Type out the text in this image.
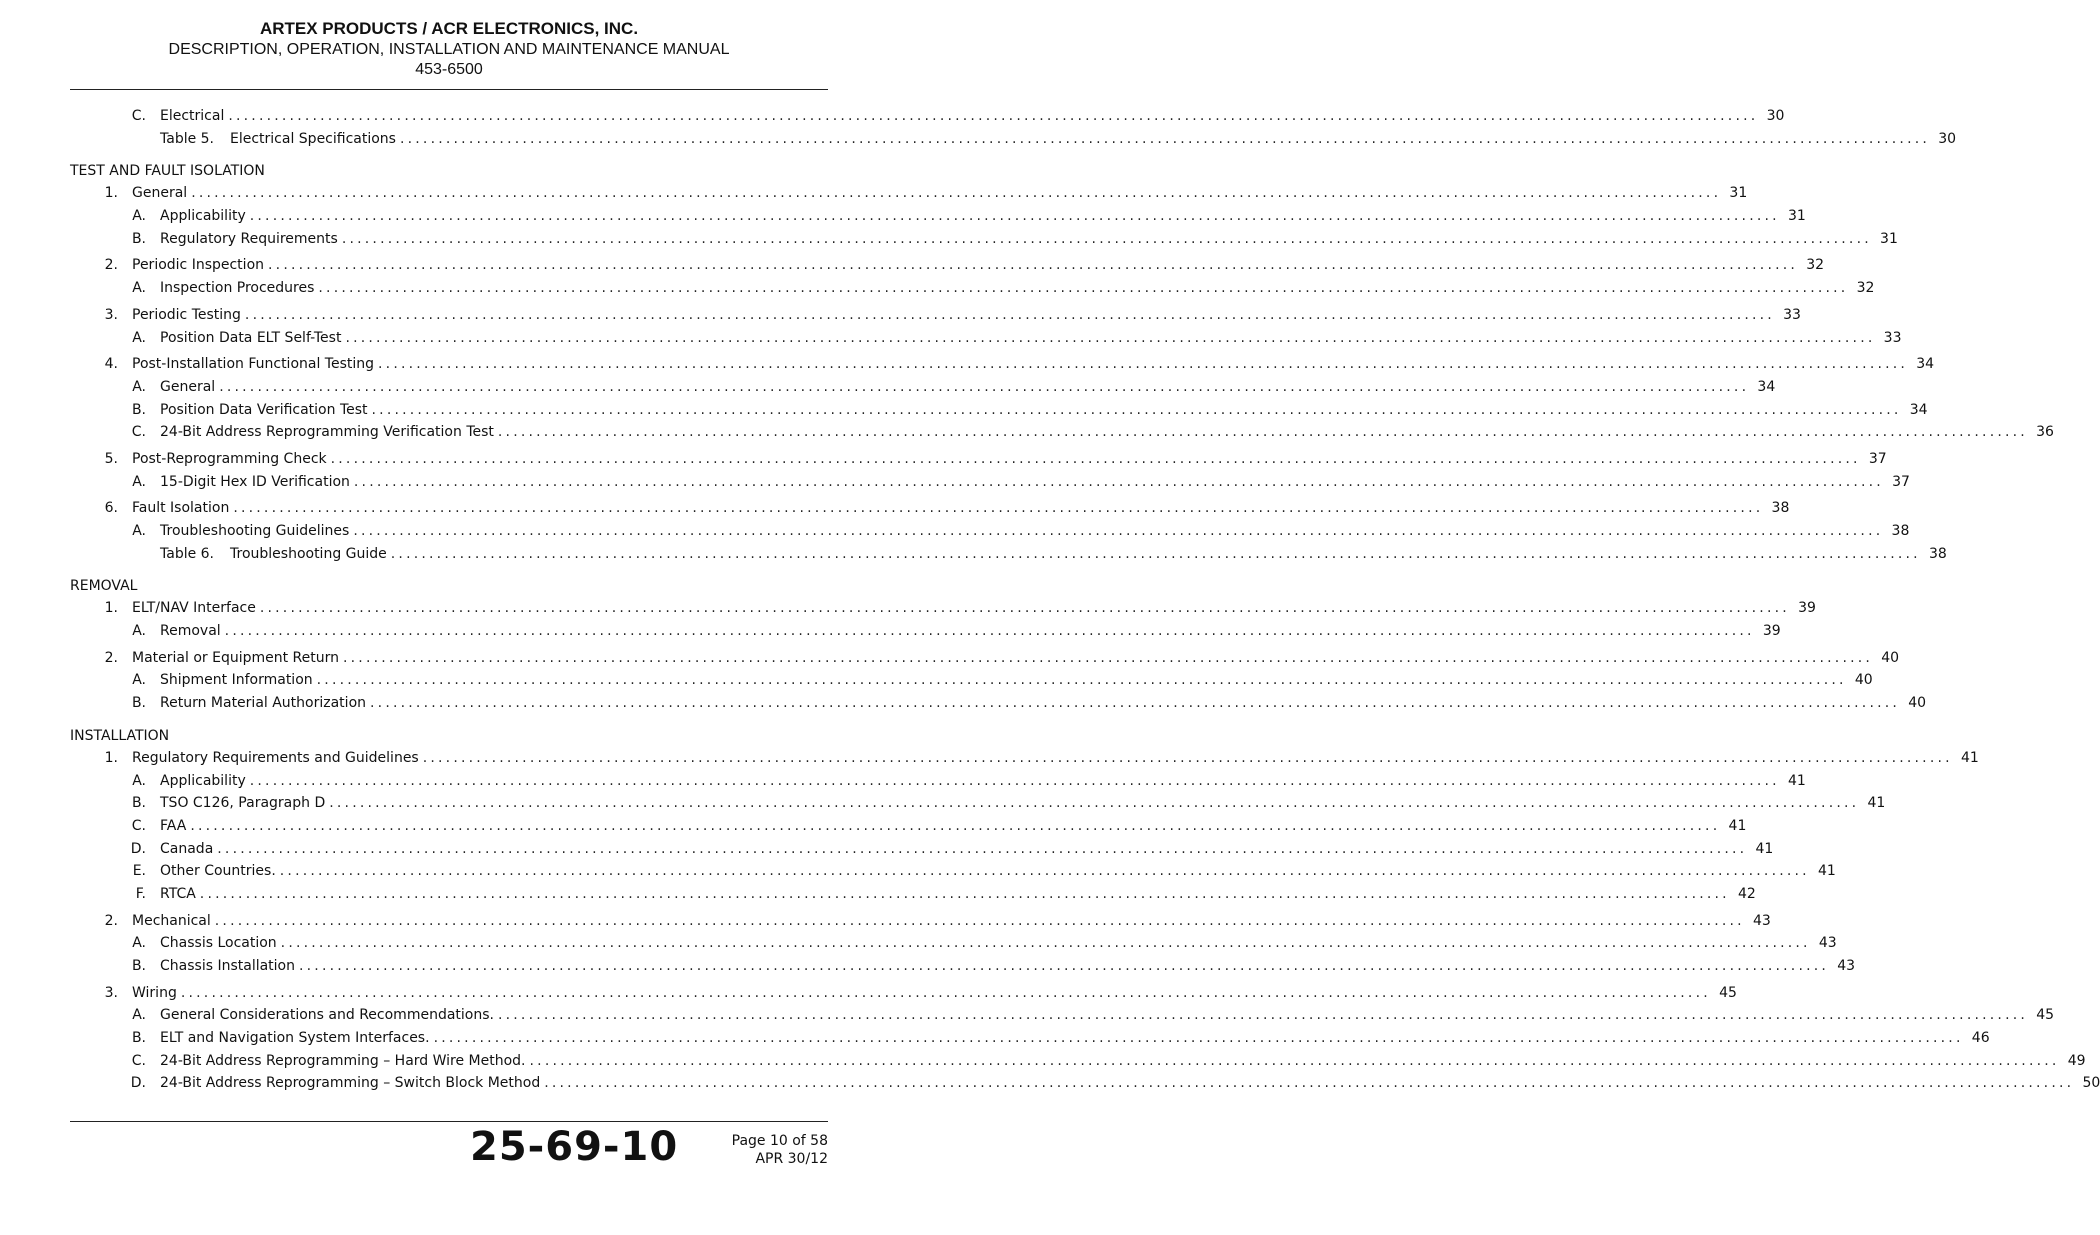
ARTEX PRODUCTS / ACR ELECTRONICS, INC.
DESCRIPTION, OPERATION, INSTALLATION AND MAINTENANCE MANUAL
453-6500
C. Electrical ........................................................................................................................................................................................................ 30
Table 5.	Electrical Specifications ........................................................................................................................................................................................................ 30
TEST AND FAULT ISOLATION
1. General ........................................................................................................................................................................................................ 31
A. Applicability ........................................................................................................................................................................................................ 31
B. Regulatory Requirements ........................................................................................................................................................................................................ 31
2. Periodic Inspection ........................................................................................................................................................................................................ 32
A. Inspection Procedures ........................................................................................................................................................................................................ 32
3. Periodic Testing ........................................................................................................................................................................................................ 33
A. Position Data ELT Self-Test ........................................................................................................................................................................................................ 33
4. Post-Installation Functional Testing ........................................................................................................................................................................................................ 34
A. General ........................................................................................................................................................................................................ 34
B. Position Data Verification Test ........................................................................................................................................................................................................ 34
C. 24-Bit Address Reprogramming Verification Test ........................................................................................................................................................................................................ 36
5. Post-Reprogramming Check ........................................................................................................................................................................................................ 37
A. 15-Digit Hex ID Verification ........................................................................................................................................................................................................ 37
6. Fault Isolation ........................................................................................................................................................................................................ 38
A. Troubleshooting Guidelines ........................................................................................................................................................................................................ 38
Table 6.	Troubleshooting Guide ........................................................................................................................................................................................................ 38
REMOVAL
1. ELT/NAV Interface ........................................................................................................................................................................................................ 39
A. Removal ........................................................................................................................................................................................................ 39
2. Material or Equipment Return ........................................................................................................................................................................................................ 40
A. Shipment Information ........................................................................................................................................................................................................ 40
B. Return Material Authorization ........................................................................................................................................................................................................ 40
INSTALLATION
1. Regulatory Requirements and Guidelines ........................................................................................................................................................................................................ 41
A. Applicability ........................................................................................................................................................................................................ 41
B. TSO C126, Paragraph D ........................................................................................................................................................................................................ 41
C. FAA ........................................................................................................................................................................................................ 41
D. Canada ........................................................................................................................................................................................................ 41
E. Other Countries. ........................................................................................................................................................................................................ 41
F. RTCA ........................................................................................................................................................................................................ 42
2. Mechanical ........................................................................................................................................................................................................ 43
A. Chassis Location ........................................................................................................................................................................................................ 43
B. Chassis Installation ........................................................................................................................................................................................................ 43
3. Wiring ........................................................................................................................................................................................................ 45
A. General Considerations and Recommendations. ........................................................................................................................................................................................................ 45
B. ELT and Navigation System Interfaces. ........................................................................................................................................................................................................ 46
C. 24-Bit Address Reprogramming – Hard Wire Method. ........................................................................................................................................................................................................ 49
D. 24-Bit Address Reprogramming – Switch Block Method ........................................................................................................................................................................................................ 50
25-69-10	Page 10 of 58
APR 30/12
